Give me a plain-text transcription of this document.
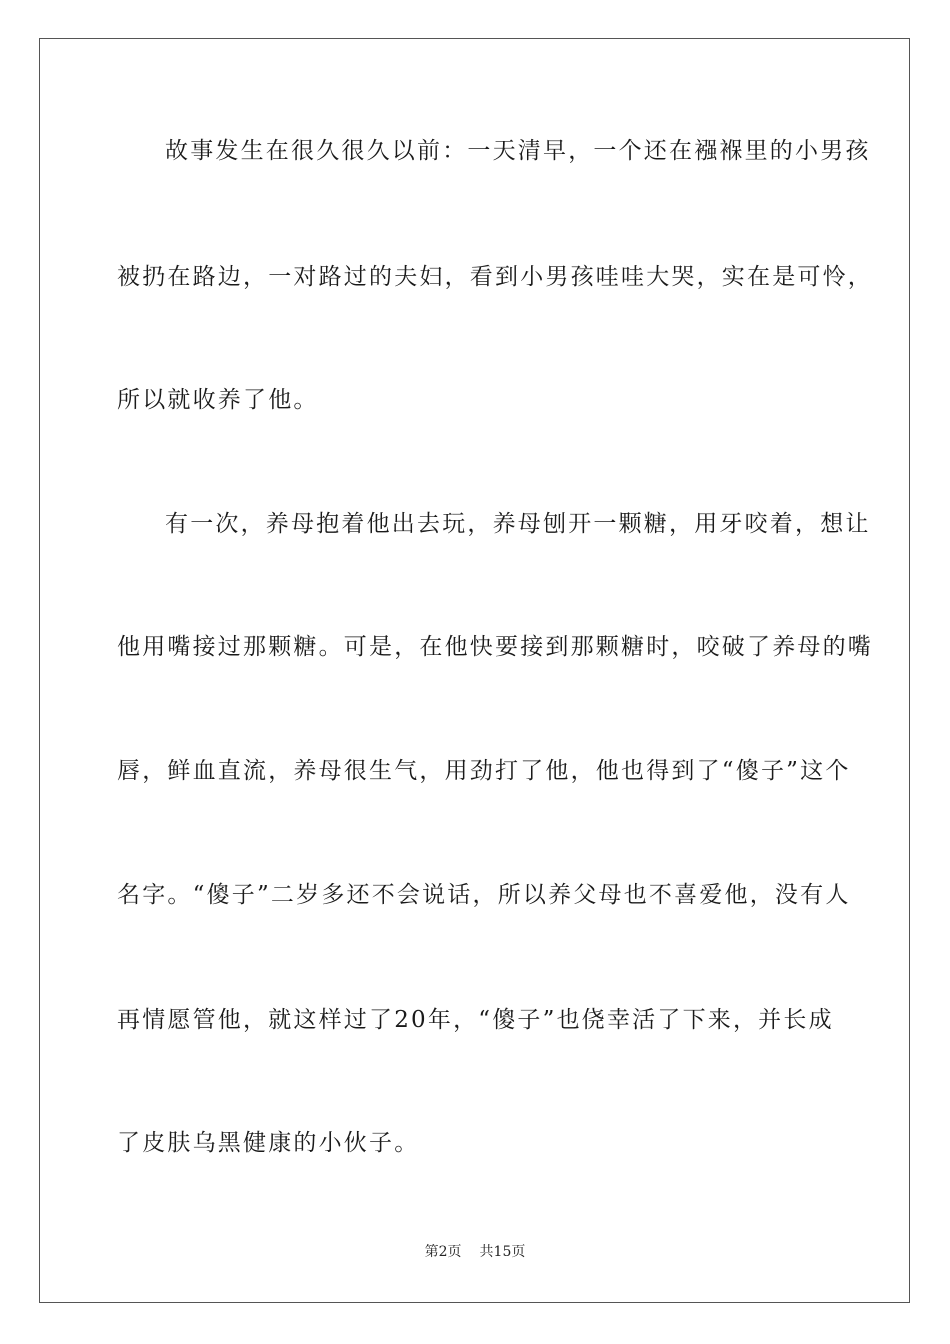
故事发生在很久很久以前：一天清早，一个还在襁褓里的小男孩
被扔在路边，一对路过的夫妇，看到小男孩哇哇大哭，实在是可怜，
所以就收养了他。
有一次，养母抱着他出去玩，养母刨开一颗糖，用牙咬着，想让
他用嘴接过那颗糖。可是，在他快要接到那颗糖时，咬破了养母的嘴
唇，鲜血直流，养母很生气，用劲打了他，他也得到了“傻子”这个
名字。“傻子”二岁多还不会说话，所以养父母也不喜爱他，没有人
再情愿管他，就这样过了20年，“傻子”也侥幸活了下来，并长成
了皮肤乌黑健康的小伙子。
第2页 共15页
